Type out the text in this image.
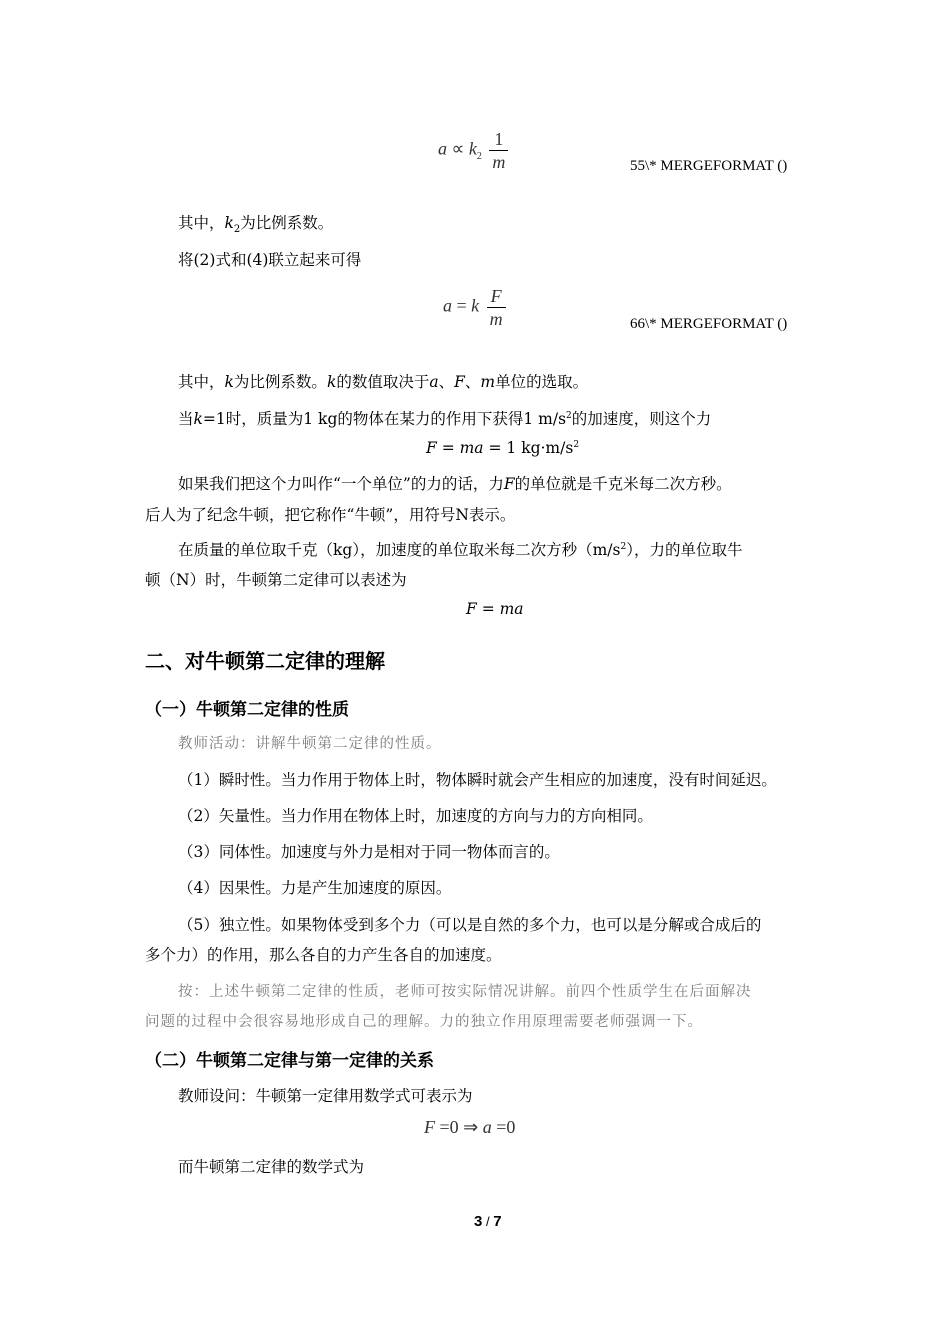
$a \propto k_2 \frac{1}{m}$	55\* MERGEFORMAT ()
其中，$k_2$为比例系数。
将(2)式和(4)联立起来可得
a = k $\frac{F}{m}$	66\* MERGEFORMAT ()
其中，k为比例系数。k的数值取决于a、F、m单位的选取。
当k=1时，质量为1 kg的物体在某力的作用下获得1 $m/s^2$的加速度，则这个力
F = ma = 1 $kg\cdot m/s^2$
如果我们把这个力叫作“一个单位”的力的话，力F的单位就是千克米每二次方秒。
后人为了纪念牛顿，把它称作“牛顿”，用符号N表示。
在质量的单位取千克（kg），加速度的单位取米每二次方秒$(m/s^2)$，力的单位取牛
顿（N）时，牛顿第二定律可以表述为
F = ma
二、对牛顿第二定律的理解
（一）牛顿第二定律的性质
教师活动：讲解牛顿第二定律的性质。
（1）瞬时性。当力作用于物体上时，物体瞬时就会产生相应的加速度，没有时间延迟。
（2）矢量性。当力作用在物体上时，加速度的方向与力的方向相同。
（3）同体性。加速度与外力是相对于同一物体而言的。
（4）因果性。力是产生加速度的原因。
（5）独立性。如果物体受到多个力（可以是自然的多个力，也可以是分解或合成后的
多个力）的作用，那么各自的力产生各自的加速度。
按：上述牛顿第二定律的性质，老师可按实际情况讲解。前四个性质学生在后面解决
问题的过程中会很容易地形成自己的理解。力的独立作用原理需要老师强调一下。
（二）牛顿第二定律与第一定律的关系
教师设问：牛顿第一定律用数学式可表示为
F =0 ⇒ a =0
而牛顿第二定律的数学式为
3 / 7
